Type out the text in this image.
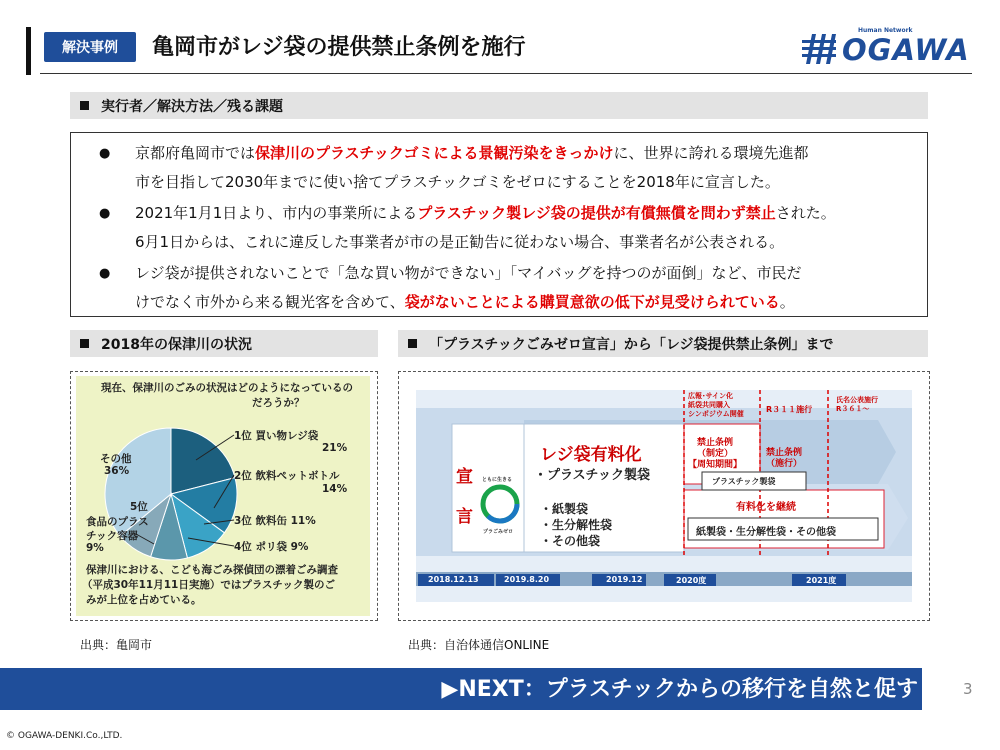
解決事例	亀岡市がレジ袋の提供禁止条例を施行
Human Network
OGAWA
実行者／解決方法／残る課題
● 京都府亀岡市では保津川のプラスチックゴミによる景観汚染をきっかけに、世界に誇れる環境先進都
市を目指して2030年までに使い捨てプラスチックゴミをゼロにすることを2018年に宣言した。
● 2021年1月1日より、市内の事業所によるプラスチック製レジ袋の提供が有償無償を問わず禁止された。
6月1日からは、これに違反した事業者が市の是正勧告に従わない場合、事業者名が公表される。
● レジ袋が提供されないことで「急な買い物ができない」「マイバッグを持つのが面倒」など、市民だ
けでなく市外から来る観光客を含めて、袋がないことによる購買意欲の低下が見受けられている。
2018年の保津川の状況	「プラスチックごみゼロ宣言」から「レジ袋提供禁止条例」まで
現在、保津川のごみの状況はどのようになっているの
だろうか？
1位 買い物レジ袋
21%
2位 飲料ペットボトル
14%
3位 飲料缶 11%
4位 ポリ袋 9%
5位
食品のプラス
チック容器
9%
その他
36%
保津川における、こども海ごみ探偵団の漂着ごみ調査
（平成30年11月11日実施）ではプラスチック製のご
みが上位を占めている。
出典：亀岡市
広報･サイン化
紙袋共同購入
シンポジウム開催	R３１１施行
氏名公表施行
R３６１～
宣
言
ともに生きる
プラごみゼロ
レジ袋有料化
・プラスチック製袋
・紙製袋
・生分解性袋
・その他袋
禁止条例
（制定）
【周知期間】
禁止条例
（施行）
プラスチック製袋
有料化を継続
紙製袋・生分解性袋・その他袋
2018.12.13	2019.8.20	2019.12	2020度	2021度
出典：自治体通信ONLINE
▶NEXT：プラスチックからの移行を自然と促す	3
© OGAWA-DENKI.Co.,LTD.
